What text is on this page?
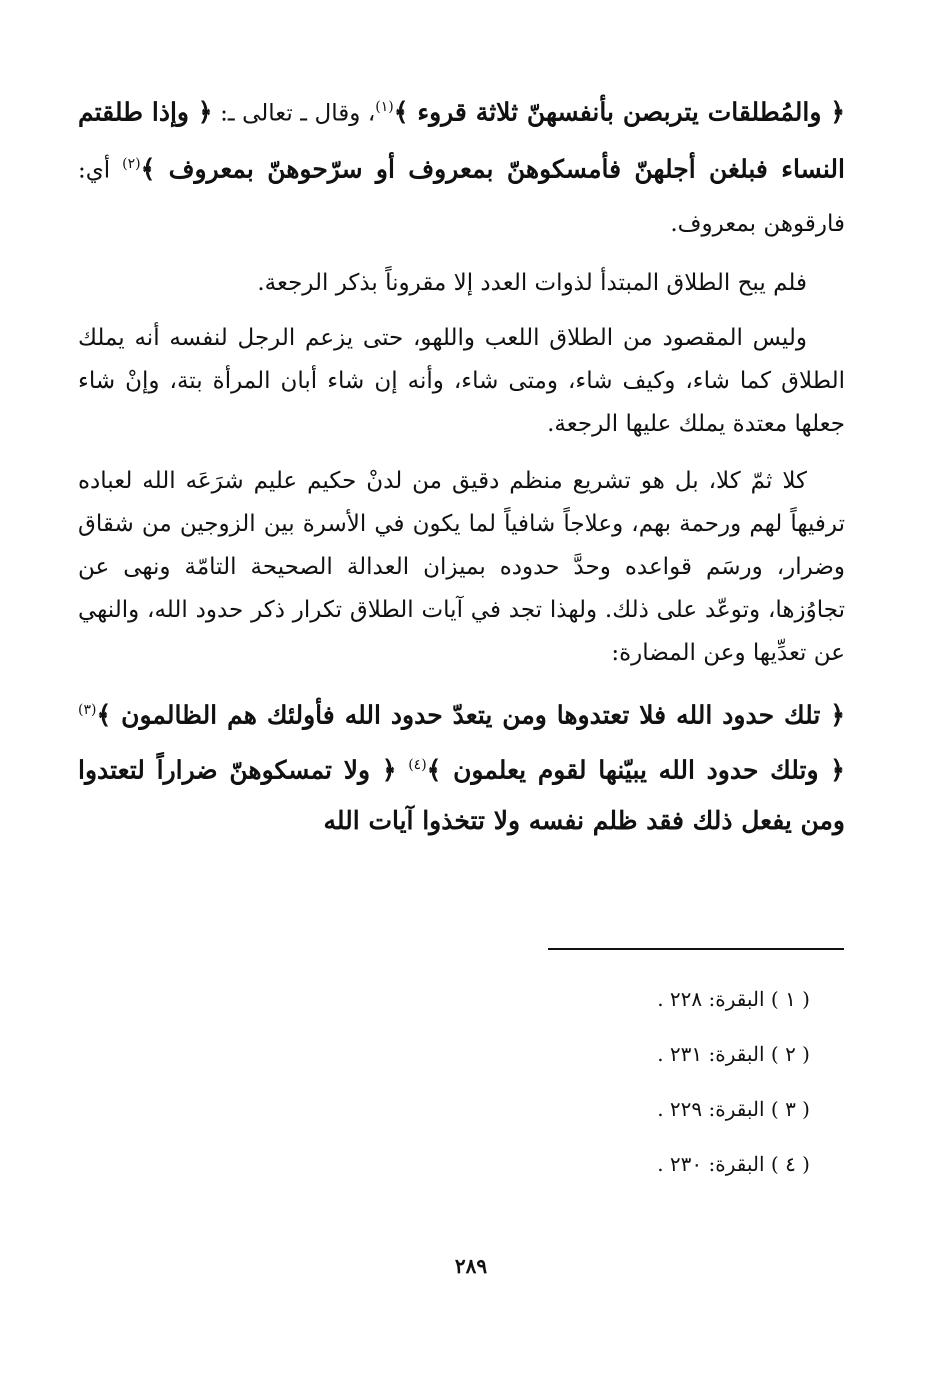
﴿ والمُطلقات يتربصن بأنفسهنّ ثلاثة قروء ﴾$^{(١)}$، وقال ـ تعالى ـ: ﴿ وإذا طلقتم النساء فبلغن أجلهنّ فأمسكوهنّ بمعروف أو سرّحوهنّ بمعروف ﴾$^{(٢)}$ أي: فارقوهن بمعروف.

فلم يبح الطلاق المبتدأ لذوات العدد إلا مقروناً بذكر الرجعة.

وليس المقصود من الطلاق اللعب واللهو، حتى يزعم الرجل لنفسه أنه يملك الطلاق كما شاء، وكيف شاء، ومتى شاء، وأنه إن شاء أبان المرأة بتة، وإنْ شاء جعلها معتدة يملك عليها الرجعة.

كلا ثمّ كلا، بل هو تشريع منظم دقيق من لدنْ حكيم عليم شرَعَه الله لعباده ترفيهاً لهم ورحمة بهم، وعلاجاً شافياً لما يكون في الأسرة بين الزوجين من شقاق وضرار، ورسَم قواعده وحدَّ حدوده بميزان العدالة الصحيحة التامّة ونهى عن تجاوُزها، وتوعّد على ذلك. ولهذا تجد في آيات الطلاق تكرار ذكر حدود الله، والنهي عن تعدِّيها وعن المضارة:

﴿ تلك حدود الله فلا تعتدوها ومن يتعدّ حدود الله فأولئك هم الظالمون ﴾$^{(٣)}$ ﴿ وتلك حدود الله يبيّنها لقوم يعلمون ﴾$^{(٤)}$ ﴿ ولا تمسكوهنّ ضراراً لتعتدوا ومن يفعل ذلك فقد ظلم نفسه ولا تتخذوا آيات الله

( ١ ) البقرة: ٢٢٨ .
( ٢ ) البقرة: ٢٣١ .
( ٣ ) البقرة: ٢٢٩ .
( ٤ ) البقرة: ٢٣٠ .
٢٨٩
